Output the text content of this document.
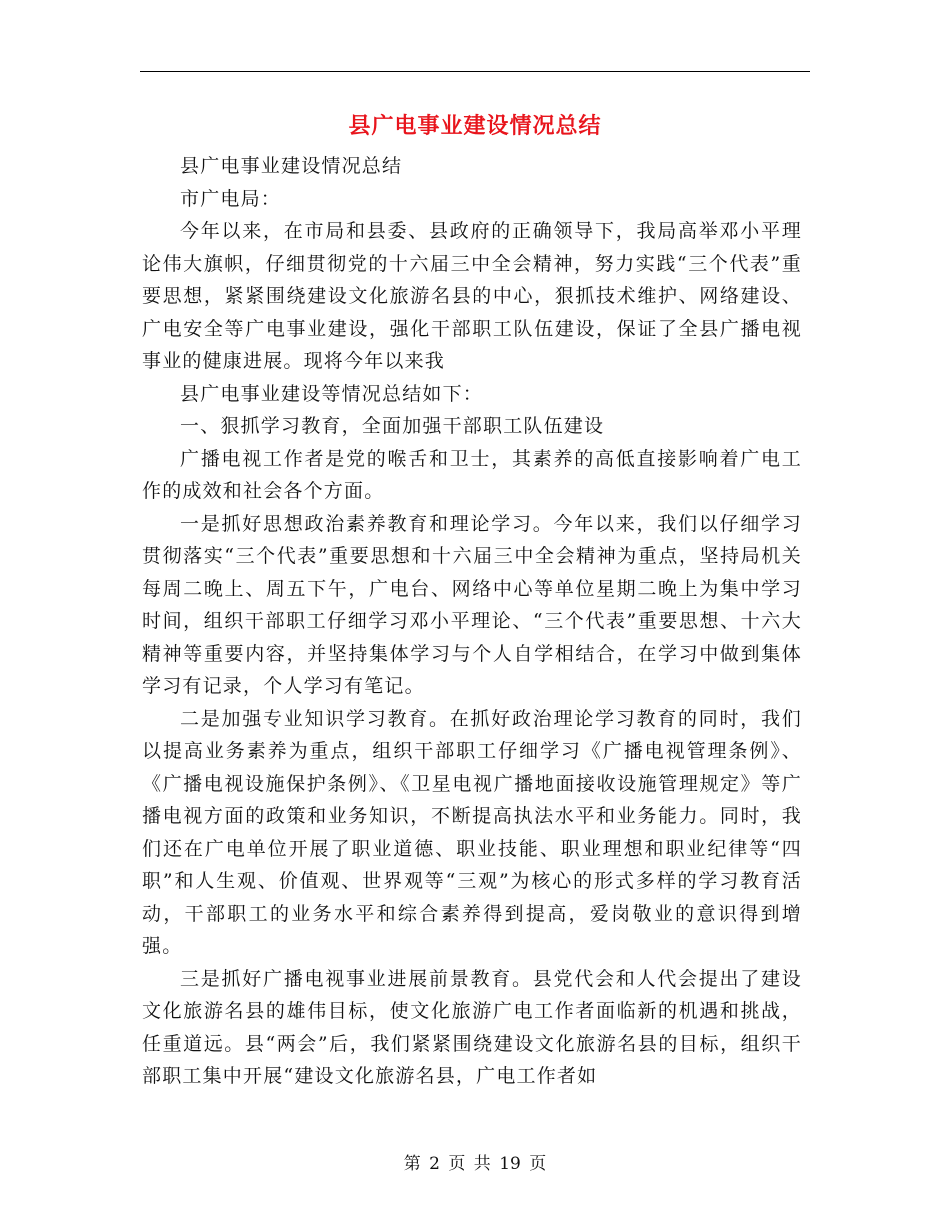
县广电事业建设情况总结

县广电事业建设情况总结

市广电局：

今年以来，在市局和县委、县政府的正确领导下，我局高举邓小平理论伟大旗帜，仔细贯彻党的十六届三中全会精神，努力实践“三个代表”重要思想，紧紧围绕建设文化旅游名县的中心，狠抓技术维护、网络建设、广电安全等广电事业建设，强化干部职工队伍建设，保证了全县广播电视事业的健康进展。现将今年以来我

县广电事业建设等情况总结如下：

一、狠抓学习教育，全面加强干部职工队伍建设

广播电视工作者是党的喉舌和卫士，其素养的高低直接影响着广电工作的成效和社会各个方面。

一是抓好思想政治素养教育和理论学习。今年以来，我们以仔细学习贯彻落实“三个代表”重要思想和十六届三中全会精神为重点，坚持局机关每周二晚上、周五下午，广电台、网络中心等单位星期二晚上为集中学习时间，组织干部职工仔细学习邓小平理论、“三个代表”重要思想、十六大精神等重要内容，并坚持集体学习与个人自学相结合，在学习中做到集体学习有记录，个人学习有笔记。

二是加强专业知识学习教育。在抓好政治理论学习教育的同时，我们以提高业务素养为重点，组织干部职工仔细学习《广播电视管理条例》、《广播电视设施保护条例》、《卫星电视广播地面接收设施管理规定》等广播电视方面的政策和业务知识，不断提高执法水平和业务能力。同时，我们还在广电单位开展了职业道德、职业技能、职业理想和职业纪律等“四职”和人生观、价值观、世界观等“三观”为核心的形式多样的学习教育活动，干部职工的业务水平和综合素养得到提高，爱岗敬业的意识得到增强。

三是抓好广播电视事业进展前景教育。县党代会和人代会提出了建设文化旅游名县的雄伟目标，使文化旅游广电工作者面临新的机遇和挑战，任重道远。县“两会”后，我们紧紧围绕建设文化旅游名县的目标，组织干部职工集中开展“建设文化旅游名县，广电工作者如

第 2 页 共 19 页
